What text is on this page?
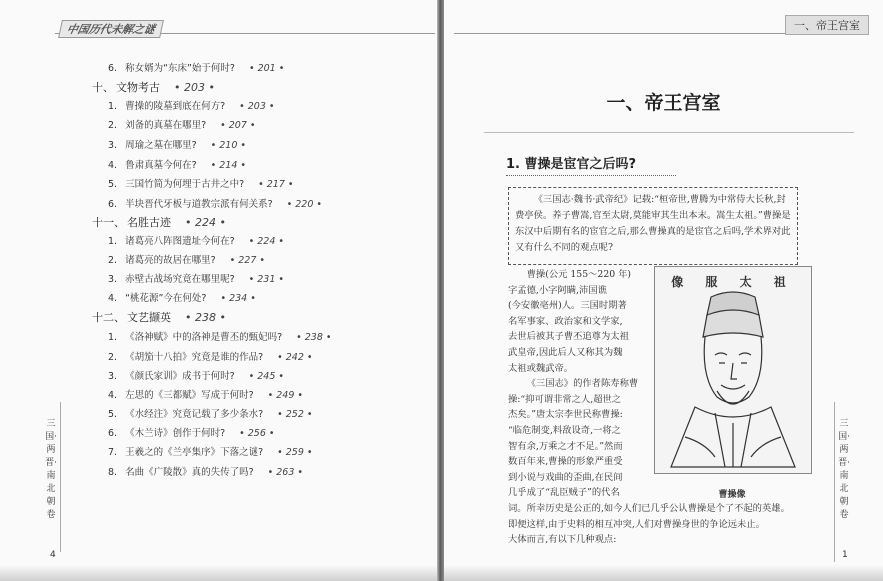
中国历代未解之谜
6. 称女婿为“东床”始于何时? • 201 •
十、 文物考古 • 203 •
1. 曹操的陵墓到底在何方? • 203 •
2. 刘备的真墓在哪里? • 207 •
3. 周瑜之墓在哪里? • 210 •
4. 鲁肃真墓今何在? • 214 •
5. 三国竹简为何埋于古井之中? • 217 •
6. 半块晋代牙板与道教宗派有何关系? • 220 •
十一、 名胜古迹 • 224 •
1. 诸葛亮八阵图遗址今何在? • 224 •
2. 诸葛亮的故居在哪里? • 227 •
3. 赤壁古战场究竟在哪里呢? • 231 •
4. “桃花源”今在何处? • 234 •
十二、 文艺撷英 • 238 •
1. 《洛神赋》中的洛神是曹丕的甄妃吗? • 238 •
2. 《胡笳十八拍》究竟是谁的作品? • 242 •
3. 《颜氏家训》成书于何时? • 245 •
4. 左思的《三都赋》写成于何时? • 249 •
5. 《水经注》究竟记载了多少条水? • 252 •
6. 《木兰诗》创作于何时? • 256 •
7. 王羲之的《兰亭集序》下落之谜? • 259 •
8. 名曲《广陵散》真的失传了吗? • 263 •
三国·两晋·南北朝卷
4
一、帝王宫室
一、帝王宫室
1. 曹操是宦官之后吗?
《三国志·魏书·武帝纪》记载:“桓帝世,曹腾为中常侍大长秋,封费亭侯。养子曹嵩,官至太尉,莫能审其生出本末。嵩生太祖。”曹操是东汉中后期有名的宦官之后,那么曹操真的是宦官之后吗,学术界对此又有什么不同的观点呢?
曹操(公元 155～220 年)
字孟德,小字阿瞒,沛国谯
(今安徽亳州)人。三国时期著
名军事家、政治家和文学家,
去世后被其子曹丕追尊为太祖
武皇帝,因此后人又称其为魏
太祖或魏武帝。
《三国志》的作者陈寿称曹
操:“抑可谓非常之人,超世之
杰矣。”唐太宗李世民称曹操:
“临危制变,料敌设奇,一将之
智有余,万乘之才不足。”然而
数百年来,曹操的形象严重受
到小说与戏曲的歪曲,在民间
几乎成了“乱臣贼子”的代名
像 服 太 祖
曹操像
词。所幸历史是公正的,如今人们已几乎公认曹操是个了不起的英雄。
即便这样,由于史料的相互冲突,人们对曹操身世的争论远未止。
大体而言,有以下几种观点:
三国·两晋·南北朝卷
1
